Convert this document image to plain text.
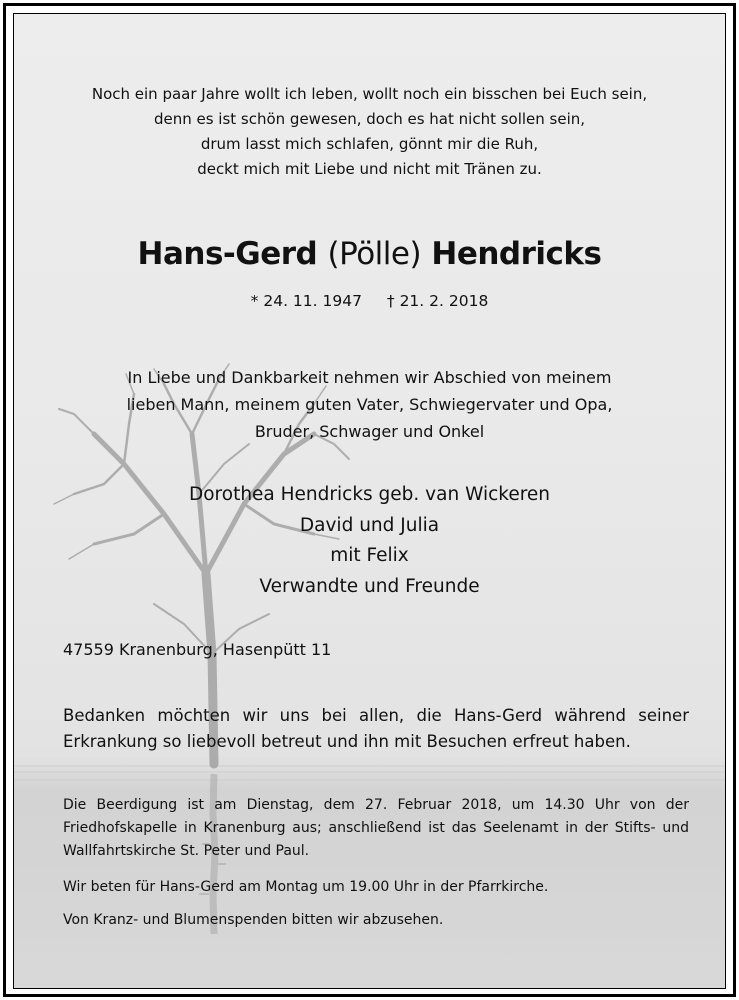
Noch ein paar Jahre wollt ich leben, wollt noch ein bisschen bei Euch sein,
denn es ist schön gewesen, doch es hat nicht sollen sein,
drum lasst mich schlafen, gönnt mir die Ruh,
deckt mich mit Liebe und nicht mit Tränen zu.
Hans-Gerd (Pölle) Hendricks
* 24. 11. 1947 † 21. 2. 2018
In Liebe und Dankbarkeit nehmen wir Abschied von meinem
lieben Mann, meinem guten Vater, Schwiegervater und Opa,
Bruder, Schwager und Onkel
Dorothea Hendricks geb. van Wickeren
David und Julia
mit Felix
Verwandte und Freunde
47559 Kranenburg, Hasenpütt 11
Bedanken möchten wir uns bei allen, die Hans-Gerd während seiner Erkrankung so liebevoll betreut und ihn mit Besuchen erfreut haben.
Die Beerdigung ist am Dienstag, dem 27. Februar 2018, um 14.30 Uhr von der Friedhofskapelle in Kranenburg aus; anschließend ist das Seelenamt in der Stifts- und Wallfahrtskirche St. Peter und Paul.
Wir beten für Hans-Gerd am Montag um 19.00 Uhr in der Pfarrkirche.
Von Kranz- und Blumenspenden bitten wir abzusehen.
